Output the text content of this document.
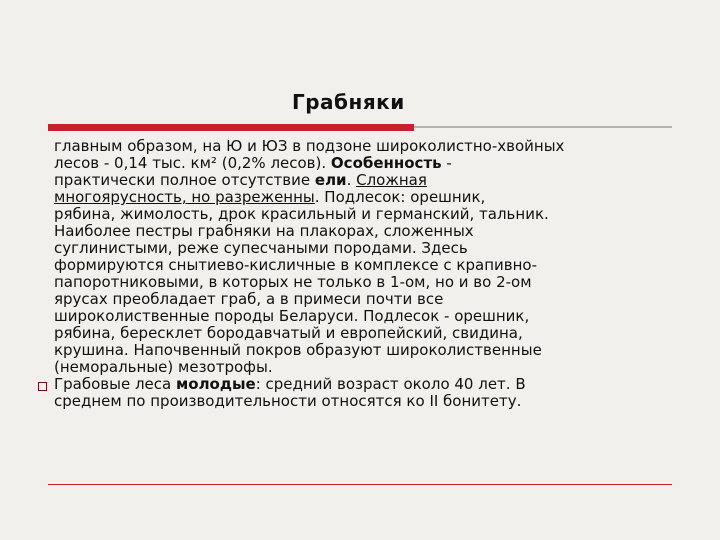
Грабняки

главным образом, на Ю и ЮЗ в подзоне широколистно-хвойных
лесов - 0,14 тыс. км² (0,2% лесов). Особенность -
практически полное отсутствие ели. Сложная
многоярусность, но разреженны. Подлесок: орешник,
рябина, жимолость, дрок красильный и германский, тальник.

Наиболее пестры грабняки на плакорах, сложенных
суглинистыми, реже супесчаными породами. Здесь
формируются снытиево-кисличные в комплексе с крапивно-
папоротниковыми, в которых не только в 1-ом, но и во 2-ом
ярусах преобладает граб, а в примеси почти все
широколиственные породы Беларуси. Подлесок - орешник,
рябина, бересклет бородавчатый и европейский, свидина,
крушина. Напочвенный покров образуют широколиственные
(неморальные) мезотрофы.

Грабовые леса молодые: средний возраст около 40 лет. В
среднем по производительности относятся ко II бонитету.
